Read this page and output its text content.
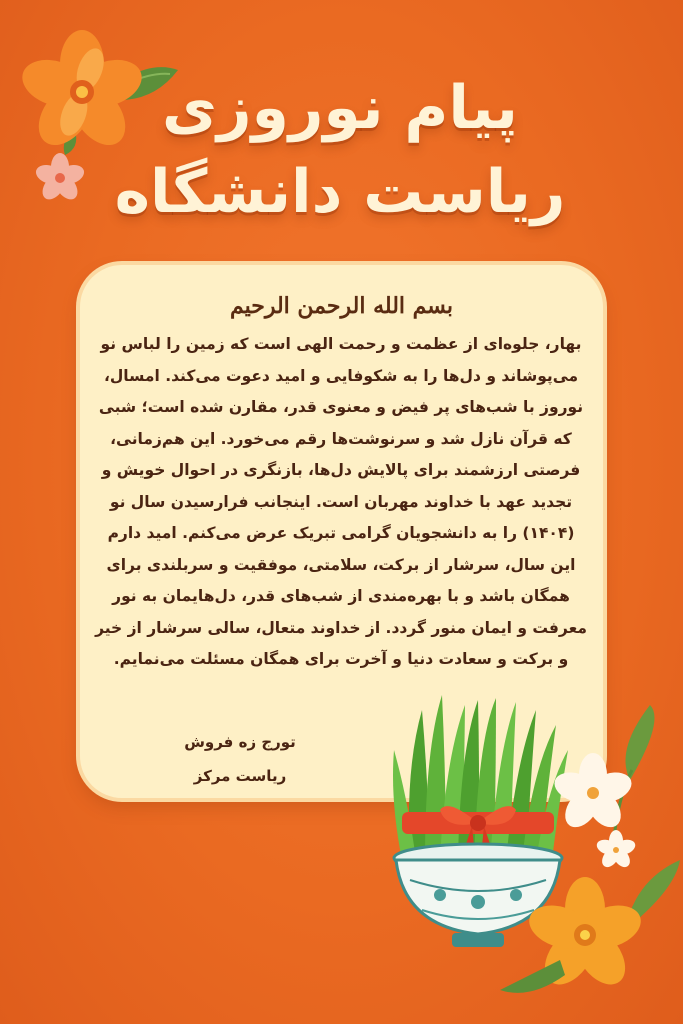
پیام نوروزی
ریاست دانشگاه
بسم الله الرحمن الرحیم
بهار، جلوه‌ای از عظمت و رحمت الهی است که زمین را لباس نو می‌پوشاند و دل‌ها را به شکوفایی و امید دعوت می‌کند. امسال، نوروز با شب‌های پر فیض و معنوی قدر، مقارن شده است؛ شبی که قرآن نازل شد و سرنوشت‌ها رقم می‌خورد. این هم‌زمانی، فرصتی ارزشمند برای پالایش دل‌ها، بازنگری در احوال خویش و تجدید عهد با خداوند مهربان است. اینجانب فرارسیدن سال نو (۱۴۰۴) را به دانشجویان گرامی تبریک عرض می‌کنم. امید دارم این سال، سرشار از برکت، سلامتی، موفقیت و سربلندی برای همگان باشد و با بهره‌مندی از شب‌های قدر، دل‌هایمان به نور معرفت و ایمان منور گردد. از خداوند متعال، سالی سرشار از خیر و برکت و سعادت دنیا و آخرت برای همگان مسئلت می‌نمایم.
تورج زه فروش
ریاست مرکز
